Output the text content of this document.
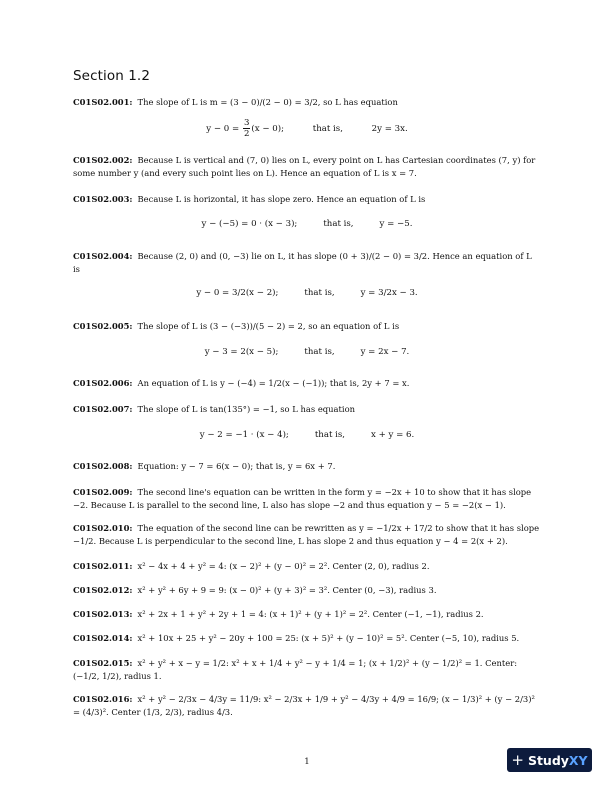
Section 1.2
C01S02.001: The slope of L is m = (3 − 0)/(2 − 0) = 3/2, so L has equation
$y - 0 = \frac{3}{2} (x - 0)$;	that is,	2y = 3x.
C01S02.002: Because L is vertical and (7, 0) lies on L, every point on L has Cartesian coordinates (7, y) for some number y (and every such point lies on L). Hence an equation of L is x = 7.
C01S02.003: Because L is horizontal, it has slope zero. Hence an equation of L is
y − (−5) = 0 · (x − 3);	that is,	y = −5.
C01S02.004: Because (2, 0) and (0, −3) lie on L, it has slope (0 + 3)/(2 − 0) = 3/2. Hence an equation of L is
y − 0 = 3/2(x − 2);	that is,	y = 3/2x − 3.
C01S02.005: The slope of L is (3 − (−3))/(5 − 2) = 2, so an equation of L is
y − 3 = 2(x − 5);	that is,	y = 2x − 7.
C01S02.006: An equation of L is y − (−4) = 1/2(x − (−1)); that is, 2y + 7 = x.
C01S02.007: The slope of L is tan(135°) = −1, so L has equation
y − 2 = −1 · (x − 4);	that is,	x + y = 6.
C01S02.008: Equation: y − 7 = 6(x − 0); that is, y = 6x + 7.
C01S02.009: The second line's equation can be written in the form y = −2x + 10 to show that it has slope −2. Because L is parallel to the second line, L also has slope −2 and thus equation y − 5 = −2(x − 1).
C01S02.010: The equation of the second line can be rewritten as y = −1/2x + 17/2 to show that it has slope −1/2. Because L is perpendicular to the second line, L has slope 2 and thus equation y − 4 = 2(x + 2).
C01S02.011: x² − 4x + 4 + y² = 4: (x − 2)² + (y − 0)² = 2². Center (2, 0), radius 2.
C01S02.012: x² + y² + 6y + 9 = 9: (x − 0)² + (y + 3)² = 3². Center (0, −3), radius 3.
C01S02.013: x² + 2x + 1 + y² + 2y + 1 = 4: (x + 1)² + (y + 1)² = 2². Center (−1, −1), radius 2.
C01S02.014: x² + 10x + 25 + y² − 20y + 100 = 25: (x + 5)² + (y − 10)² = 5². Center (−5, 10), radius 5.
C01S02.015: x² + y² + x − y = 1/2: x² + x + 1/4 + y² − y + 1/4 = 1; (x + 1/2)² + (y − 1/2)² = 1. Center: (−1/2, 1/2), radius 1.
C01S02.016: x² + y² − 2/3x − 4/3y = 11/9: x² − 2/3x + 1/9 + y² − 4/3y + 4/9 = 16/9; (x − 1/3)² + (y − 2/3)² = (4/3)². Center (1/3, 2/3), radius 4/3.
1	+ Study XY
